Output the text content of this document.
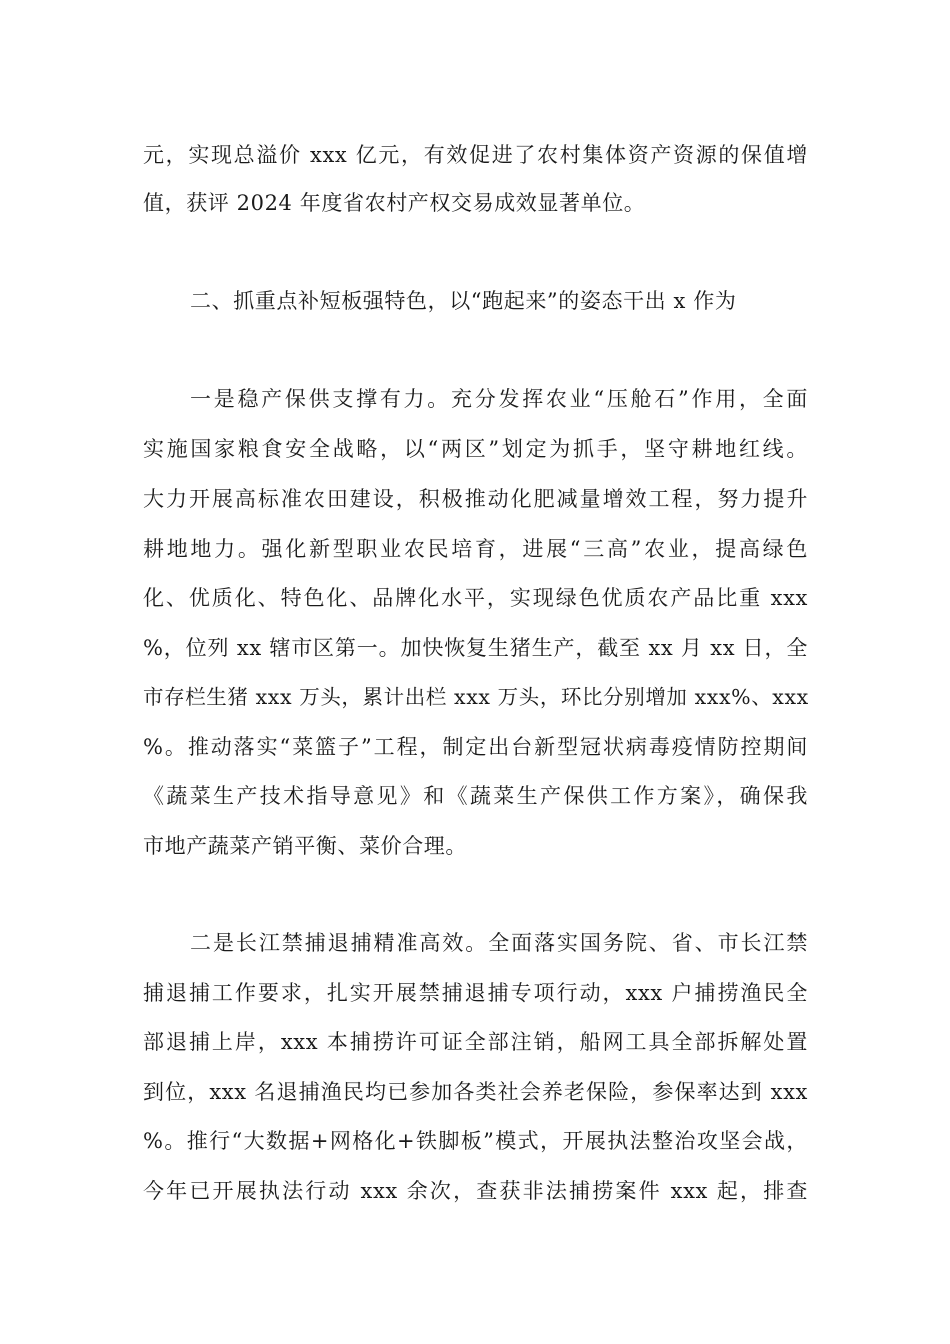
元，实现总溢价 xxx 亿元，有效促进了农村集体资产资源的保值增
值，获评 2024 年度省农村产权交易成效显著单位。
二、抓重点补短板强特色，以“跑起来”的姿态干出 x 作为
一是稳产保供支撑有力。充分发挥农业“压舱石”作用，全面
实施国家粮食安全战略，以“两区”划定为抓手，坚守耕地红线。
大力开展高标准农田建设，积极推动化肥减量增效工程，努力提升
耕地地力。强化新型职业农民培育，进展“三高”农业，提高绿色
化、优质化、特色化、品牌化水平，实现绿色优质农产品比重 xxx
%，位列 xx 辖市区第一。加快恢复生猪生产，截至 xx 月 xx 日，全
市存栏生猪 xxx 万头，累计出栏 xxx 万头，环比分别增加 xxx%、xxx
%。推动落实“菜篮子”工程，制定出台新型冠状病毒疫情防控期间
《蔬菜生产技术指导意见》和《蔬菜生产保供工作方案》，确保我
市地产蔬菜产销平衡、菜价合理。
二是长江禁捕退捕精准高效。全面落实国务院、省、市长江禁
捕退捕工作要求，扎实开展禁捕退捕专项行动，xxx 户捕捞渔民全
部退捕上岸，xxx 本捕捞许可证全部注销，船网工具全部拆解处置
到位，xxx 名退捕渔民均已参加各类社会养老保险，参保率达到 xxx
%。推行“大数据+网格化+铁脚板”模式，开展执法整治攻坚会战，
今年已开展执法行动 xxx 余次，查获非法捕捞案件 xxx 起，排查
